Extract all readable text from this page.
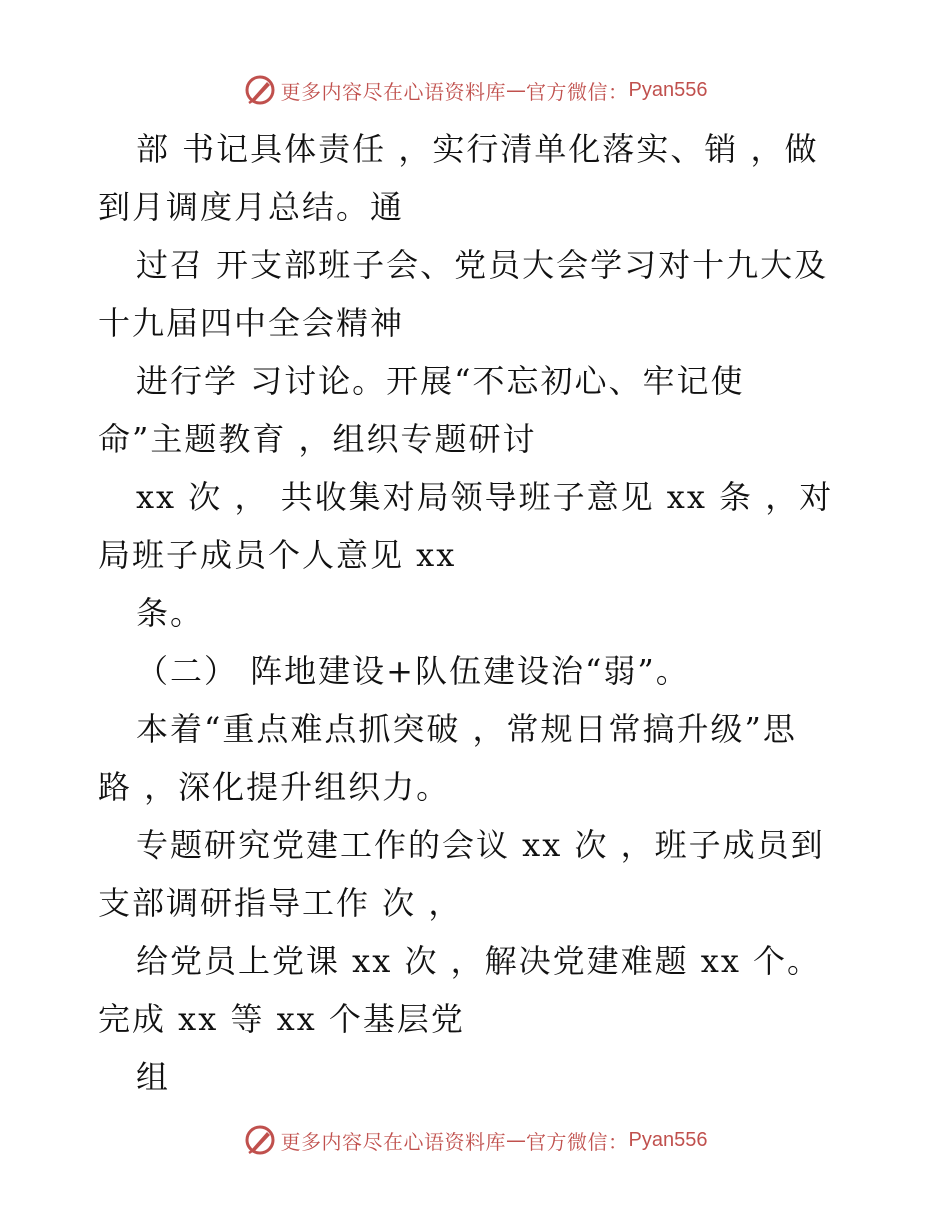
更多内容尽在心语资料库 — 官方微信： Pyan556
部 书记具体责任 ，实行清单化落实、销 ，做
到月调度月总结。通
过召 开支部班子会、党员大会学习对十九大及
十九届四中全会精神
进行学 习讨论。开展“不忘初心、牢记使
命”主题教育 ，组织专题研讨
xx 次 ， 共收集对局领导班子意见 xx 条 ，对
局班子成员个人意见 xx
条。
（二） 阵地建设+队伍建设治“弱”。
本着“重点难点抓突破 ，常规日常搞升级”思
路 ，深化提升组织力。
专题研究党建工作的会议 xx 次 ，班子成员到
支部调研指导工作 次 ，
给党员上党课 xx 次 ，解决党建难题 xx 个。
完成 xx 等 xx 个基层党
组
更多内容尽在心语资料库 — 官方微信： Pyan556
